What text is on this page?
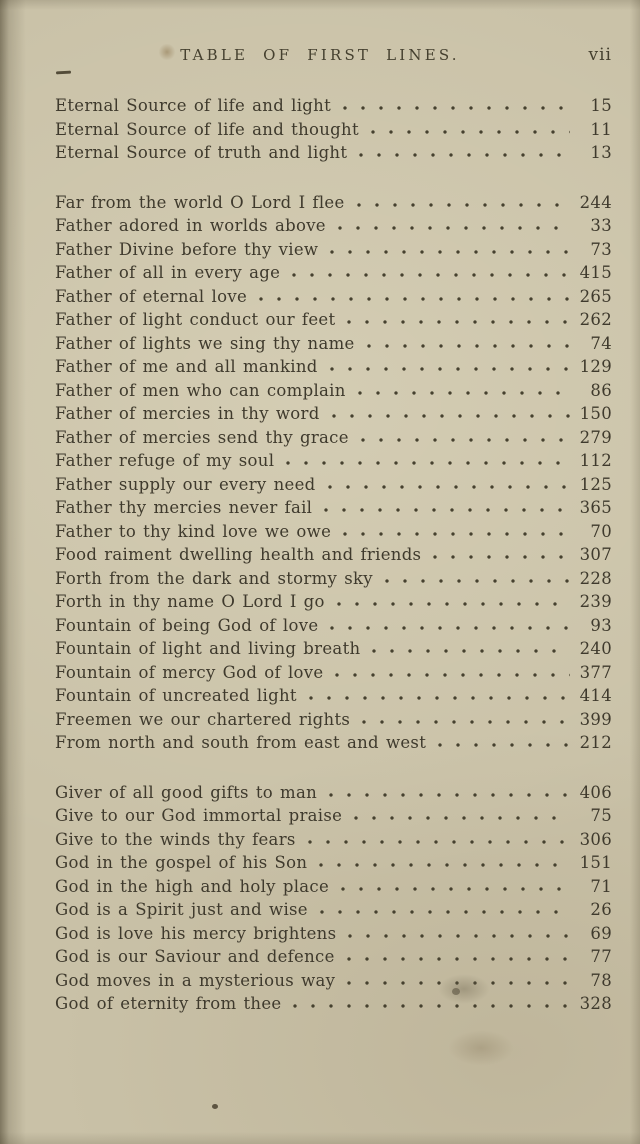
TABLE OF FIRST LINES.	vii
Eternal Source of life and light	15
Eternal Source of life and thought	11
Eternal Source of truth and light	13
Far from the world O Lord I flee	244
Father adored in worlds above	33
Father Divine before thy view	73
Father of all in every age	415
Father of eternal love	265
Father of light conduct our feet	262
Father of lights we sing thy name	74
Father of me and all mankind	129
Father of men who can complain	86
Father of mercies in thy word	150
Father of mercies send thy grace	279
Father refuge of my soul	112
Father supply our every need	125
Father thy mercies never fail	365
Father to thy kind love we owe	70
Food raiment dwelling health and friends	307
Forth from the dark and stormy sky	228
Forth in thy name O Lord I go	239
Fountain of being God of love	93
Fountain of light and living breath	240
Fountain of mercy God of love	377
Fountain of uncreated light	414
Freemen we our chartered rights	399
From north and south from east and west	212
Giver of all good gifts to man	406
Give to our God immortal praise	75
Give to the winds thy fears	306
God in the gospel of his Son	151
God in the high and holy place	71
God is a Spirit just and wise	26
God is love his mercy brightens	69
God is our Saviour and defence	77
God moves in a mysterious way	78
God of eternity from thee	328
